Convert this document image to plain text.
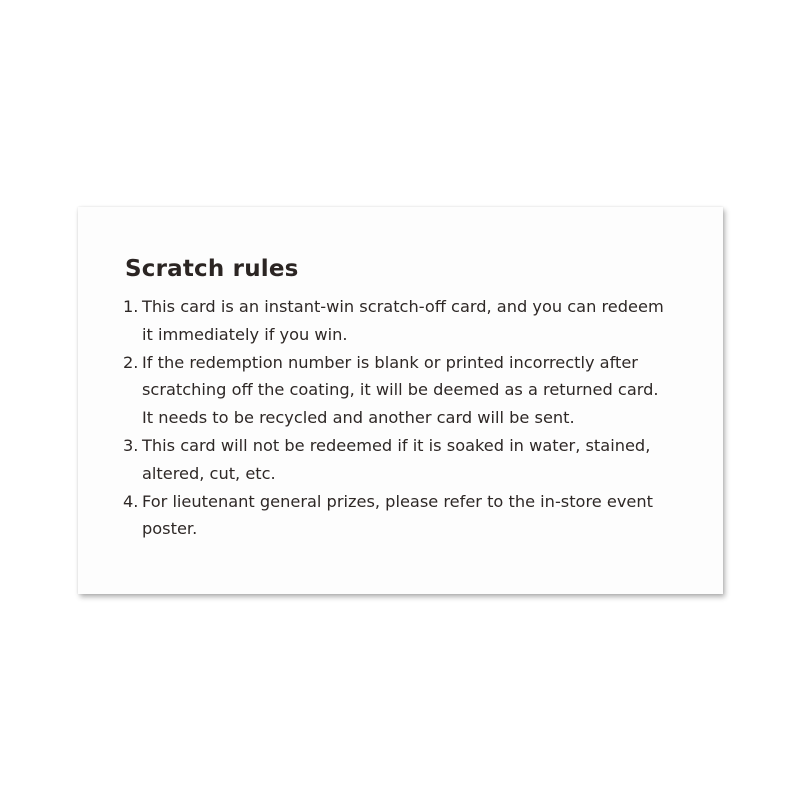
Scratch rules
1. This card is an instant-win scratch-off card, and you can redeem
it immediately if you win.
2. If the redemption number is blank or printed incorrectly after
scratching off the coating, it will be deemed as a returned card.
It needs to be recycled and another card will be sent.
3. This card will not be redeemed if it is soaked in water, stained,
altered, cut, etc.
4. For lieutenant general prizes, please refer to the in-store event
poster.
